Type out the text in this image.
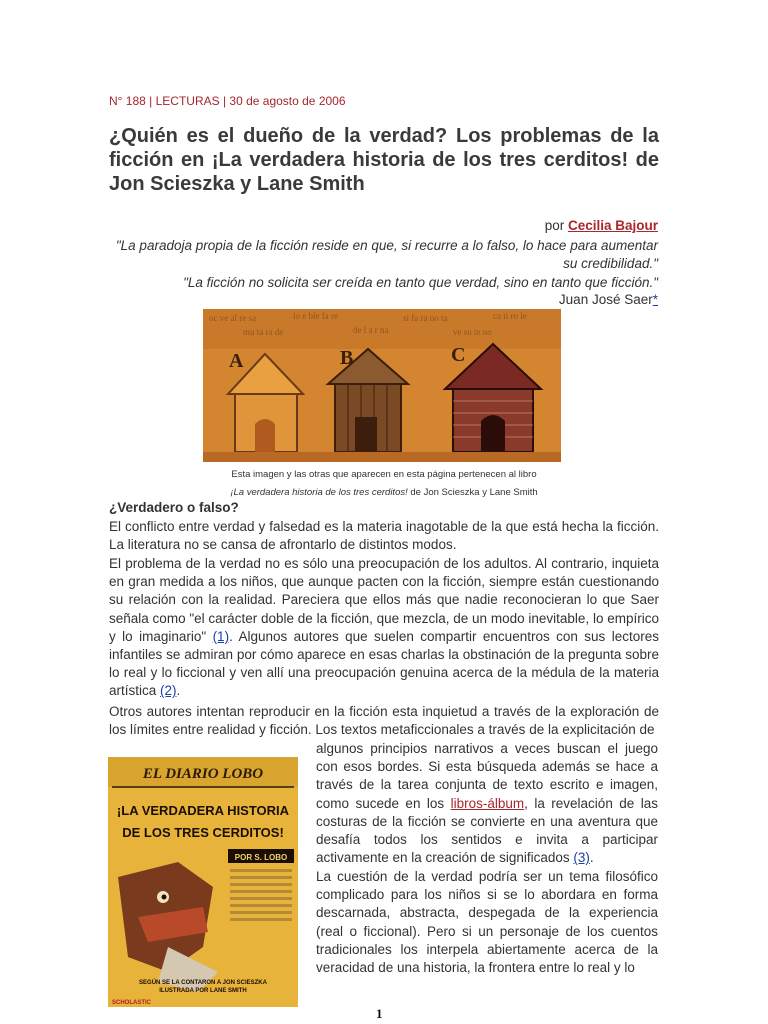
N° 188 | LECTURAS | 30 de agosto de 2006
¿Quién es el dueño de la verdad? Los problemas de la ficción en ¡La verdadera historia de los tres cerditos! de Jon Scieszka y Lane Smith
por Cecilia Bajour
"La paradoja propia de la ficción reside en que, si recurre a lo falso, lo hace para aumentar su credibilidad."
"La ficción no solicita ser creída en tanto que verdad, sino en tanto que ficción."
Juan José Saer*
oc ve al re sa	lo e ble fa re	si fa ra no ta	ca ti ro le
mu ta ra de	de l a r na	ve su te no
A	B	C
Esta imagen y las otras que aparecen en esta página pertenecen al libro
¡La verdadera historia de los tres cerditos! de Jon Scieszka y Lane Smith
¿Verdadero o falso?

El conflicto entre verdad y falsedad es la materia inagotable de la que está hecha la ficción. La literatura no se cansa de afrontarlo de distintos modos.

El problema de la verdad no es sólo una preocupación de los adultos. Al contrario, inquieta en gran medida a los niños, que aunque pacten con la ficción, siempre están cuestionando su relación con la realidad. Pareciera que ellos más que nadie reconocieran lo que Saer señala como "el carácter doble de la ficción, que mezcla, de un modo inevitable, lo empírico y lo imaginario" (1). Algunos autores que suelen compartir encuentros con sus lectores infantiles se admiran por cómo aparece en esas charlas la obstinación de la pregunta sobre lo real y lo ficcional y ven allí una preocupación genuina acerca de la médula de la materia artística (2).

Otros autores intentan reproducir en la ficción esta inquietud a través de la exploración de los límites entre realidad y ficción. Los textos metaficcionales a través de la explicitación de

EL DIARIO LOBO
¡LA VERDADERA HISTORIA
DE LOS TRES CERDITOS!
POR S. LOBO
SEGÚN SE LA CONTARON A JON SCIESZKA
ILUSTRADA POR LANE SMITH
SCHOLASTIC

algunos principios narrativos a veces buscan el juego con esos bordes. Si esta búsqueda además se hace a través de la tarea conjunta de texto escrito e imagen, como sucede en los libros-álbum, la revelación de las costuras de la ficción se convierte en una aventura que desafía todos los sentidos e invita a participar activamente en la creación de significados (3).

La cuestión de la verdad podría ser un tema filosófico complicado para los niños si se lo abordara en forma descarnada, abstracta, despegada de la experiencia (real o ficcional). Pero si un personaje de los cuentos tradicionales los interpela abiertamente acerca de la veracidad de una historia, la frontera entre lo real y lo

1
